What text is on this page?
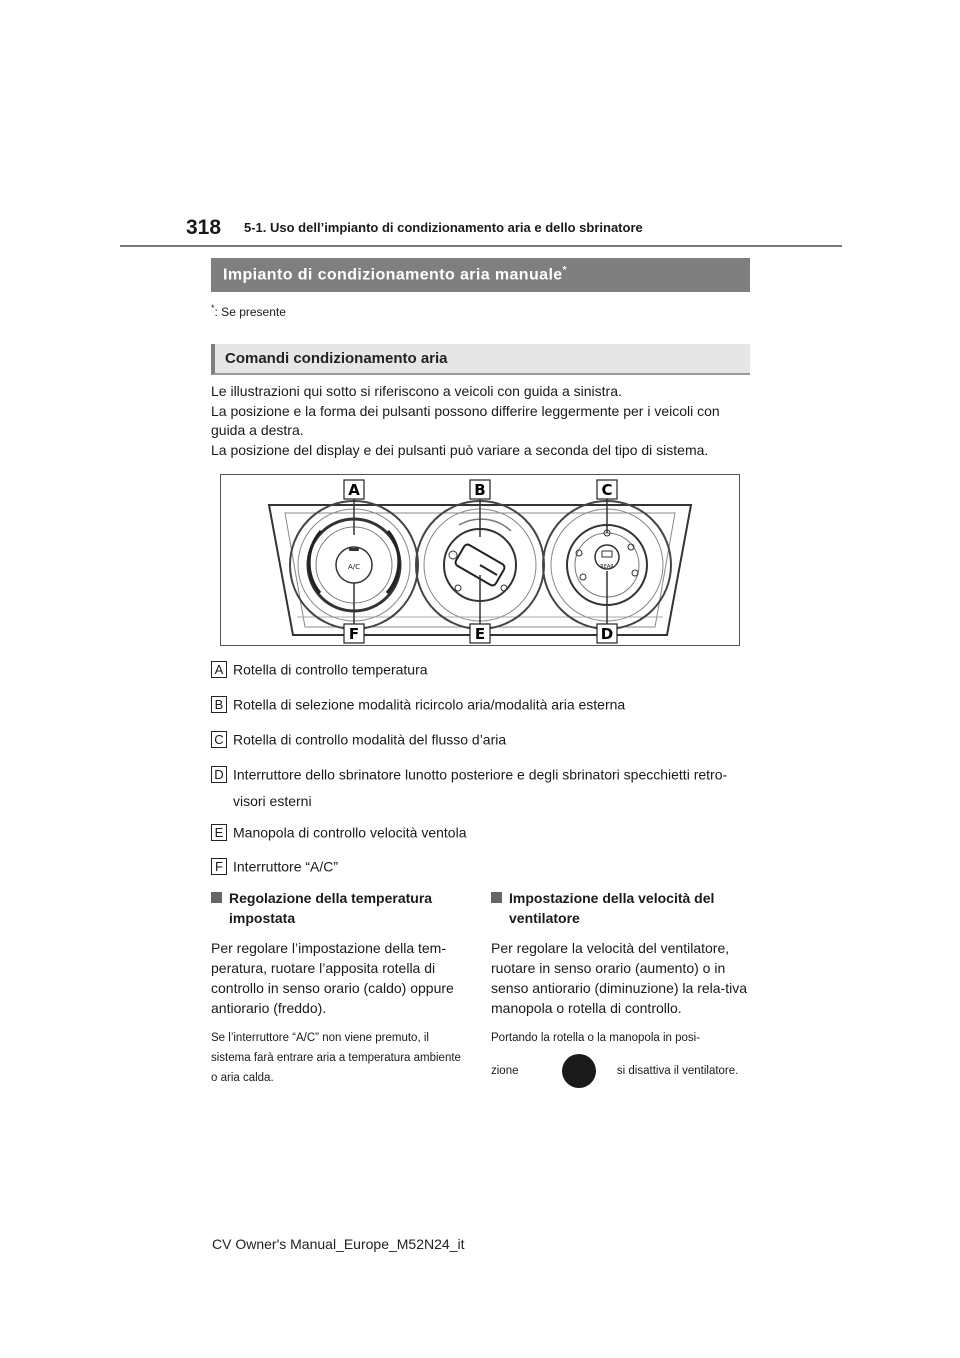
318 5-1. Uso dell’impianto di condizionamento aria e dello sbrinatore
Impianto di condizionamento aria manuale*
*: Se presente
Comandi condizionamento aria

Le illustrazioni qui sotto si riferiscono a veicoli con guida a sinistra.

La posizione e la forma dei pulsanti possono differire leggermente per i veicoli con guida a destra.

La posizione del display e dei pulsanti può variare a seconda del tipo di sistema.

A/C	REAR
A	B	C
F	E	D
A Rotella di controllo temperatura
B Rotella di selezione modalità ricircolo aria/modalità aria esterna
C Rotella di controllo modalità del flusso d’aria
D Interruttore dello sbrinatore lunotto posteriore e degli sbrinatori specchietti retro-
visori esterni
E Manopola di controllo velocità ventola
F Interruttore “A/C”

Regolazione della temperatura impostata

Per regolare l’impostazione della tem-peratura, ruotare l’apposita rotella di controllo in senso orario (caldo) oppure antiorario (freddo).

Se l’interruttore “A/C” non viene premuto, il sistema farà entrare aria a temperatura ambiente o aria calda.

Impostazione della velocità del ventilatore

Per regolare la velocità del ventilatore, ruotare in senso orario (aumento) o in senso antiorario (diminuzione) la rela-tiva manopola o rotella di controllo.

Portando la rotella o la manopola in posi-

zione	si disattiva il ventilatore.

CV Owner's Manual_Europe_M52N24_it
